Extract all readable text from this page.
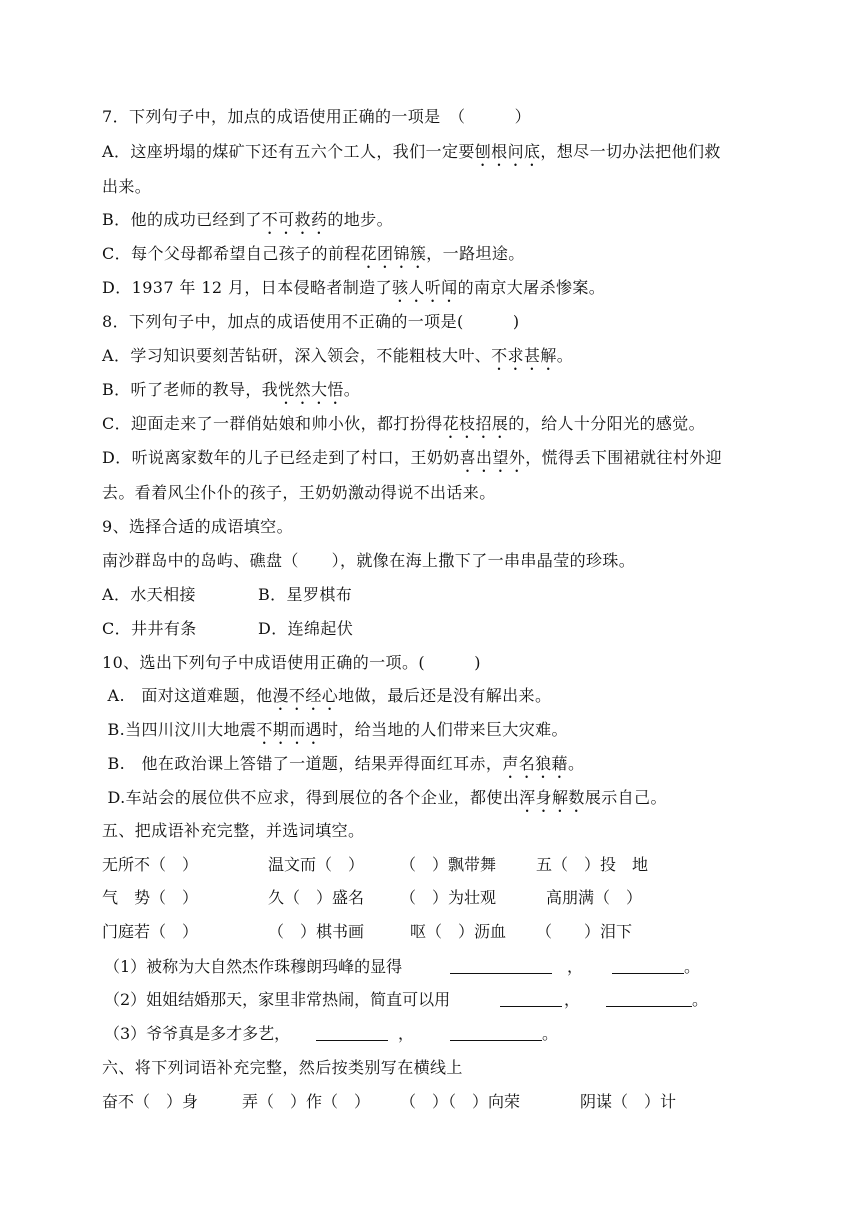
7．下列句子中，加点的成语使用正确的一项是　（　　　）
A．这座坍塌的煤矿下还有五六个工人，我们一定要刨根问底，想尽一切办法把他们救
出来。
B．他的成功已经到了不可救药的地步。
C．每个父母都希望自己孩子的前程花团锦簇，一路坦途。
D．1937 年 12 月，日本侵略者制造了骇人听闻的南京大屠杀惨案。
8．下列句子中，加点的成语使用不正确的一项是(　　　)
A．学习知识要刻苦钻研，深入领会，不能粗枝大叶、不求甚解。
B．听了老师的教导，我恍然大悟。
C．迎面走来了一群俏姑娘和帅小伙，都打扮得花枝招展的，给人十分阳光的感觉。
D．听说离家数年的儿子已经走到了村口，王奶奶喜出望外，慌得丢下围裙就往村外迎
去。看着风尘仆仆的孩子，王奶奶激动得说不出话来。
9、选择合适的成语填空。
南沙群岛中的岛屿、礁盘（　　），就像在海上撒下了一串串晶莹的珍珠。
A．水天相接	B．星罗棋布
C．井井有条	D．连绵起伏
10、选出下列句子中成语使用正确的一项。(　　　)
A.　面对这道难题，他漫不经心地做，最后还是没有解出来。
B.当四川汶川大地震不期而遇时，给当地的人们带来巨大灾难。
B.　他在政治课上答错了一道题，结果弄得面红耳赤，声名狼藉。
D.车站会的展位供不应求，得到展位的各个企业，都使出浑身解数展示自己。
五、把成语补充完整，并选词填空。
无所不（　）	温文而（　） （　）飘带舞 五（　）投　地
气　势（　）	久（　）盛名 （　）为壮观	高朋满（　）
门庭若（　）	（　）棋书画	呕（　）沥血 （　　）泪下
（1）被称为大自然杰作珠穆朗玛峰的显得	，	。
（2）姐姐结婚那天，家里非常热闹，简直可以用	，	。
（3）爷爷真是多才多艺，	，	。
六、将下列词语补充完整，然后按类别写在横线上
奋不（　）身	弄（　）作（　） （　）（　）向荣	阴谋（　）计
